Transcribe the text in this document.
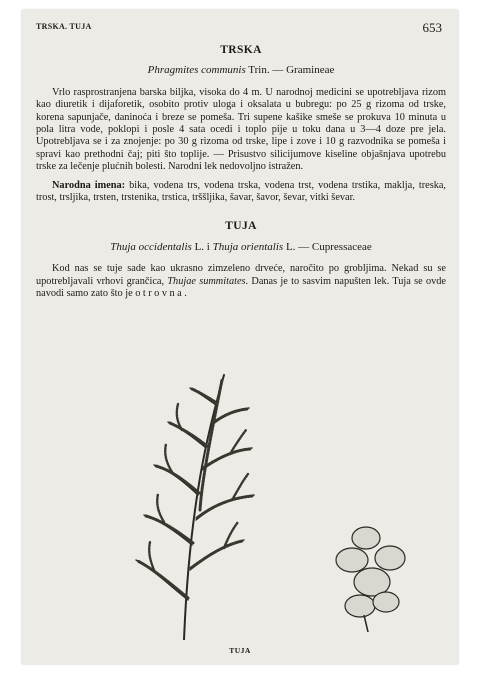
TRSKA. TUJA	653
TRSKA
Phragmites communis Trin. — Gramineae

Vrlo rasprostranjena barska biljka, visoka do 4 m. U narodnoj medicini se upotrebljava rizom kao diuretik i dijaforetik, osobito protiv uloga i oksalata u bubregu: po 25 g rizoma od trske, korena sapunjače, daninoća i breze se pomeša. Tri supene kašike smeše se prokuva 10 minuta u pola litra vode, poklopi i posle 4 sata ocedi i toplo pije u toku dana u 3—4 doze pre jela. Upotrebljava se i za znojenje: po 30 g rizoma od trske, lipe i zove i 10 g razvodnika se pomeša i spravi kao prethodni čaj; piti što toplije. — Prisustvo silicijumove kiseline objašnjava upotrebu trske za lečenje plućnih bolesti. Narodni lek nedovoljno istražen.

Narodna imena: bika, vodena trs, vodena trska, vodena trst, vodena trstika, maklja, treska, trost, trsljika, trsten, trstenika, trstica, trššljika, šavar, šavor, ševar, vitki ševar.

TUJA
Thuja occidentalis L. i Thuja orientalis L. — Cupressaceae

Kod nas se tuje sade kao ukrasno zimzeleno drveće, naročito po grobljima. Nekad su se upotrebljavali vrhovi grančica, Thujae summitates. Danas je to sasvim napušten lek. Tuja se ovde navodi samo zato što je otrovna.

TUJA
